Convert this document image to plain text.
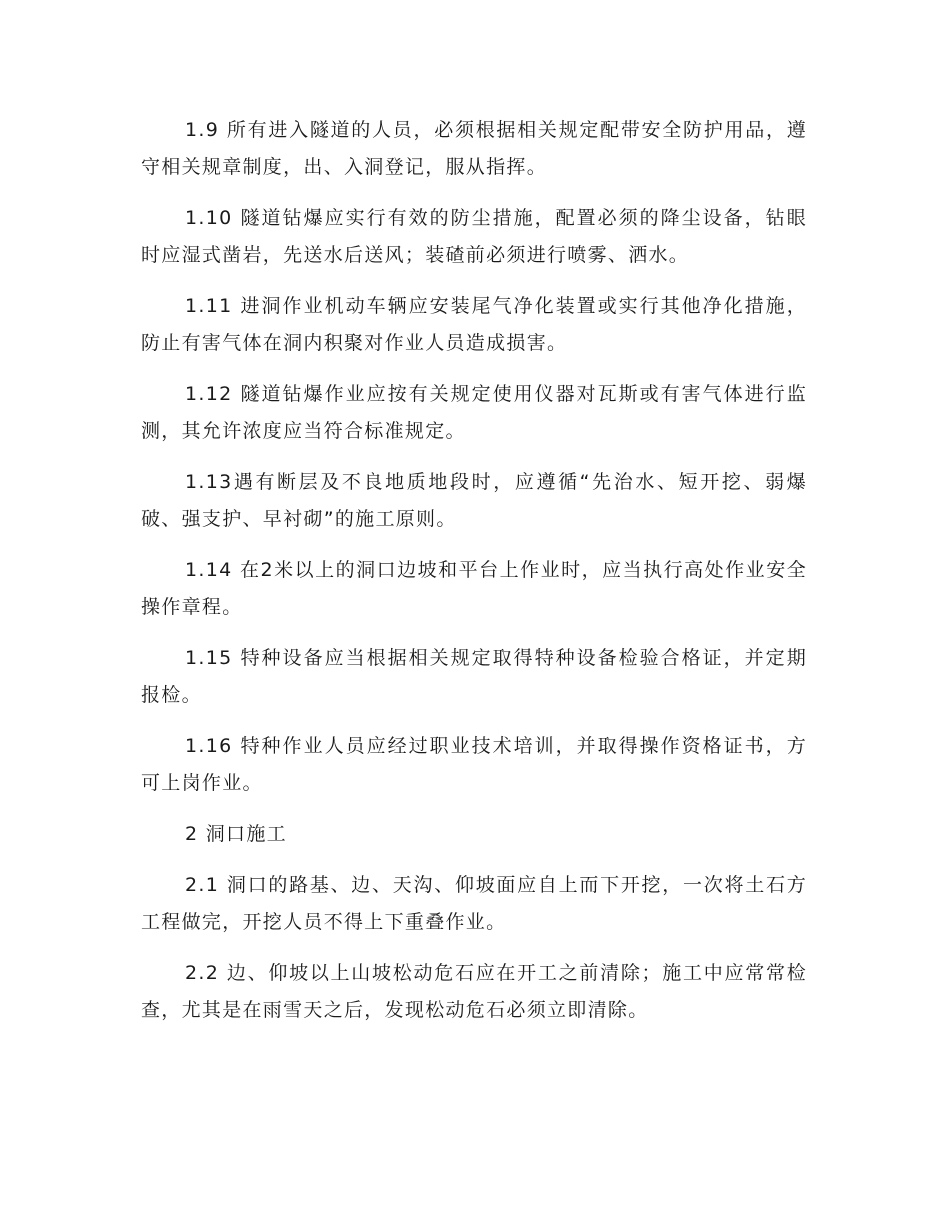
1.9 所有进入隧道的人员，必须根据相关规定配带安全防护用品，遵守相关规章制度，出、入洞登记，服从指挥。

1.10 隧道钻爆应实行有效的防尘措施，配置必须的降尘设备，钻眼时应湿式凿岩，先送水后送风；装碴前必须进行喷雾、洒水。

1.11 进洞作业机动车辆应安装尾气净化装置或实行其他净化措施，防止有害气体在洞内积聚对作业人员造成损害。

1.12 隧道钻爆作业应按有关规定使用仪器对瓦斯或有害气体进行监测，其允许浓度应当符合标准规定。

1.13遇有断层及不良地质地段时，应遵循“先治水、短开挖、弱爆破、强支护、早衬砌”的施工原则。

1.14 在2米以上的洞口边坡和平台上作业时，应当执行高处作业安全操作章程。

1.15 特种设备应当根据相关规定取得特种设备检验合格证，并定期报检。

1.16 特种作业人员应经过职业技术培训，并取得操作资格证书，方可上岗作业。

2 洞口施工

2.1 洞口的路基、边、天沟、仰坡面应自上而下开挖，一次将土石方工程做完，开挖人员不得上下重叠作业。

2.2 边、仰坡以上山坡松动危石应在开工之前清除；施工中应常常检查，尤其是在雨雪天之后，发现松动危石必须立即清除。
